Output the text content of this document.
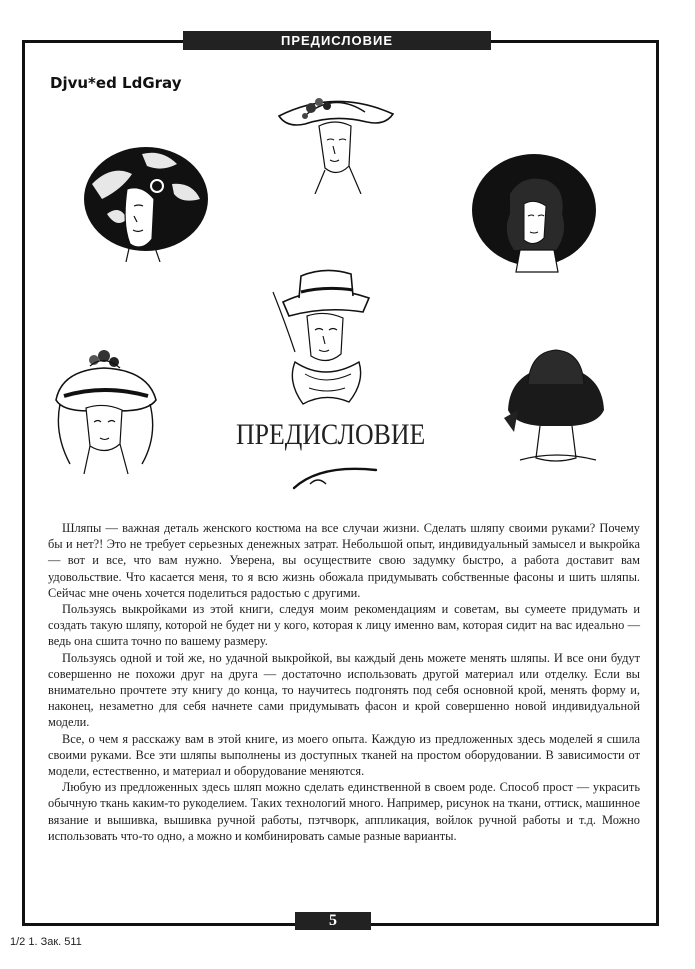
ПРЕДИСЛОВИЕ
Djvu*ed LdGray
ПРЕДИСЛОВИЕ

Шляпы — важная деталь женского костюма на все случаи жизни. Сделать шляпу своими руками? Почему бы и нет?! Это не требует серьезных денежных затрат. Небольшой опыт, индивидуальный замысел и выкройка — вот и все, что вам нужно. Уверена, вы осуществите свою задумку быстро, а работа доставит вам удовольствие. Что касается меня, то я всю жизнь обожала придумывать собственные фасоны и шить шляпы. Сейчас мне очень хочется поделиться радостью с другими.

Пользуясь выкройками из этой книги, следуя моим рекомендациям и советам, вы сумеете придумать и создать такую шляпу, которой не будет ни у кого, которая к лицу именно вам, которая сидит на вас идеально — ведь она сшита точно по вашему размеру.

Пользуясь одной и той же, но удачной выкройкой, вы каждый день можете менять шляпы. И все они будут совершенно не похожи друг на друга — достаточно использовать другой материал или отделку. Если вы внимательно прочтете эту книгу до конца, то научитесь подгонять под себя основной крой, менять форму и, наконец, незаметно для себя начнете сами придумывать фасон и крой совершенно новой индивидуальной модели.

Все, о чем я расскажу вам в этой книге, из моего опыта. Каждую из предложенных здесь моделей я сшила своими руками. Все эти шляпы выполнены из доступных тканей на простом оборудовании. В зависимости от модели, естественно, и материал и оборудование меняются.

Любую из предложенных здесь шляп можно сделать единственной в своем роде. Способ прост — украсить обычную ткань каким-то рукоделием. Таких технологий много. Например, рисунок на ткани, оттиск, машинное вязание и вышивка, вышивка ручной работы, пэтчворк, аппликация, войлок ручной работы и т.д. Можно использовать что-то одно, а можно и комбинировать самые разные варианты.

5
1/2 1. Зак. 511
